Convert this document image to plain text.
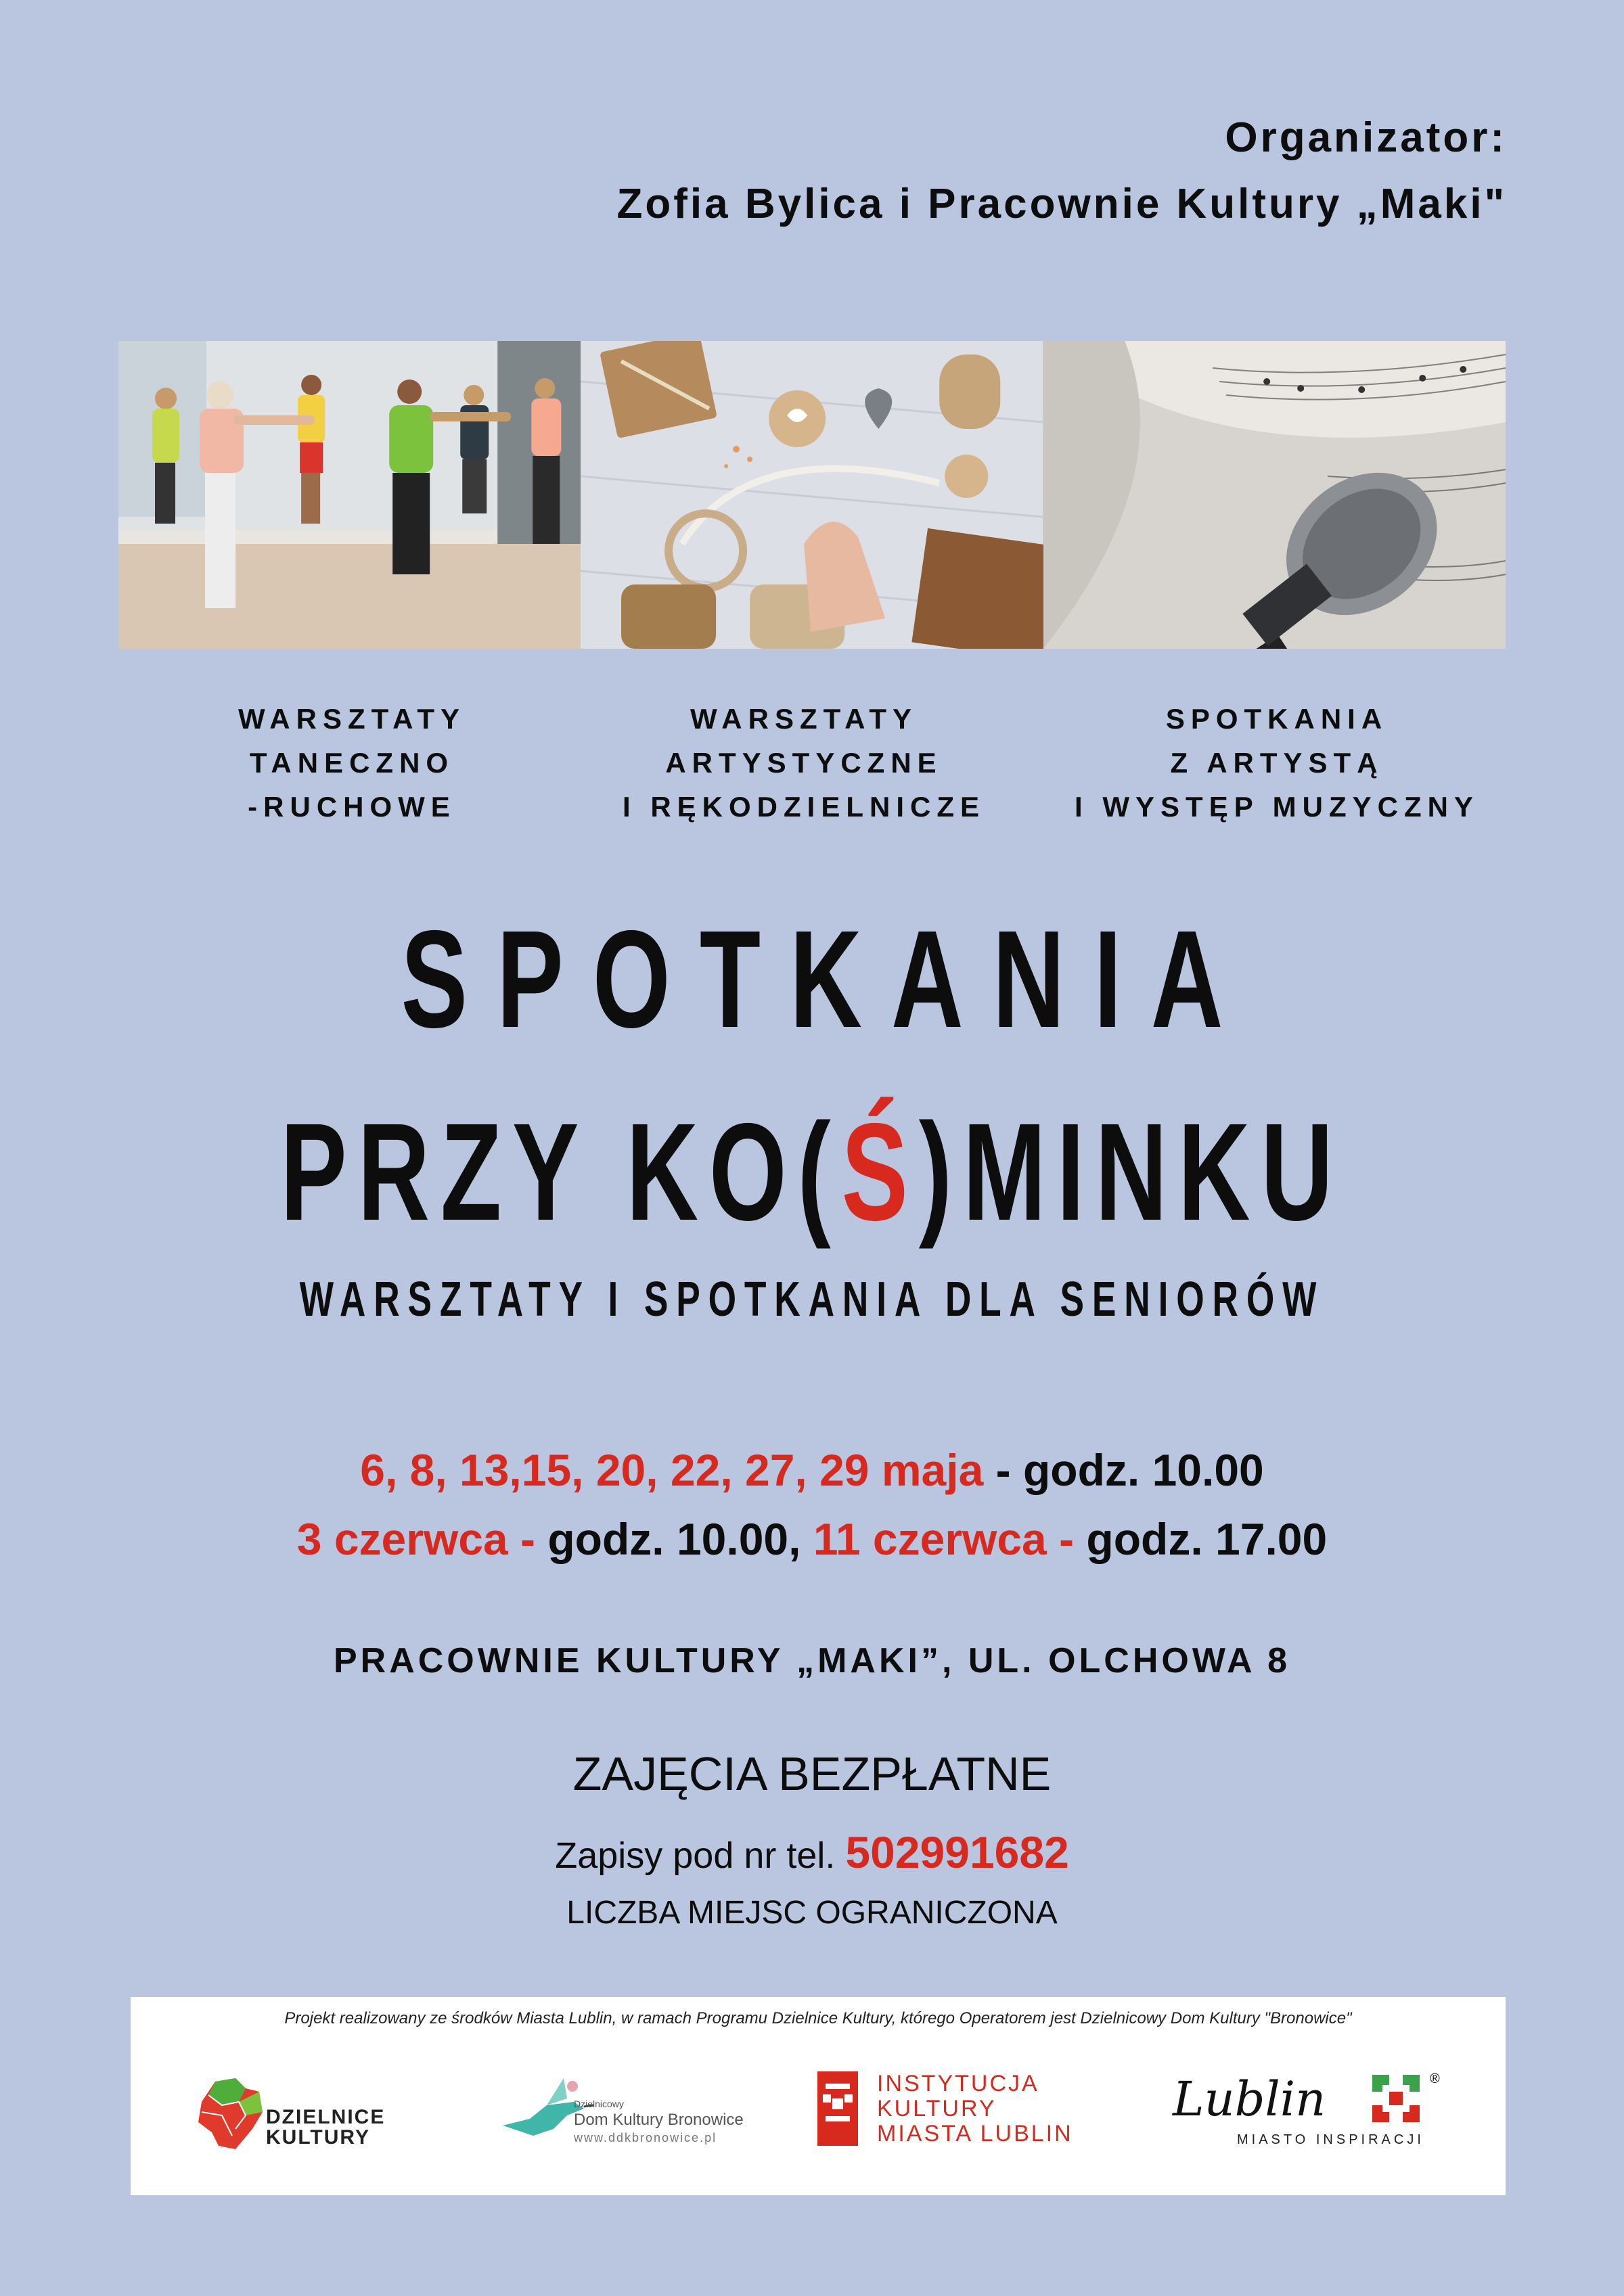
Organizator:
Zofia Bylica i Pracownie Kultury „Maki"
WARSZTATY
TANECZNO
-RUCHOWE
WARSZTATY
ARTYSTYCZNE
I RĘKODZIELNICZE
SPOTKANIA
Z ARTYSTĄ
I WYSTĘP MUZYCZNY
SPOTKANIA
PRZY KO(Ś)MINKU
WARSZTATY I SPOTKANIA DLA SENIORÓW
6, 8, 13,15, 20, 22, 27, 29 maja - godz. 10.00
3 czerwca - godz. 10.00, 11 czerwca - godz. 17.00
PRACOWNIE KULTURY „MAKI”, UL. OLCHOWA 8
ZAJĘCIA BEZPŁATNE
Zapisy pod nr tel. 502991682
LICZBA MIEJSC OGRANICZONA
Projekt realizowany ze środków Miasta Lublin, w ramach Programu Dzielnice Kultury, którego Operatorem jest Dzielnicowy Dom Kultury "Bronowice"
DZIELNICE
KULTURY
Dzielnicowy
Dom Kultury Bronowice
www.ddkbronowice.pl
INSTYTUCJA
KULTURY
MIASTA LUBLIN
Lublin	®
MIASTO INSPIRACJI
